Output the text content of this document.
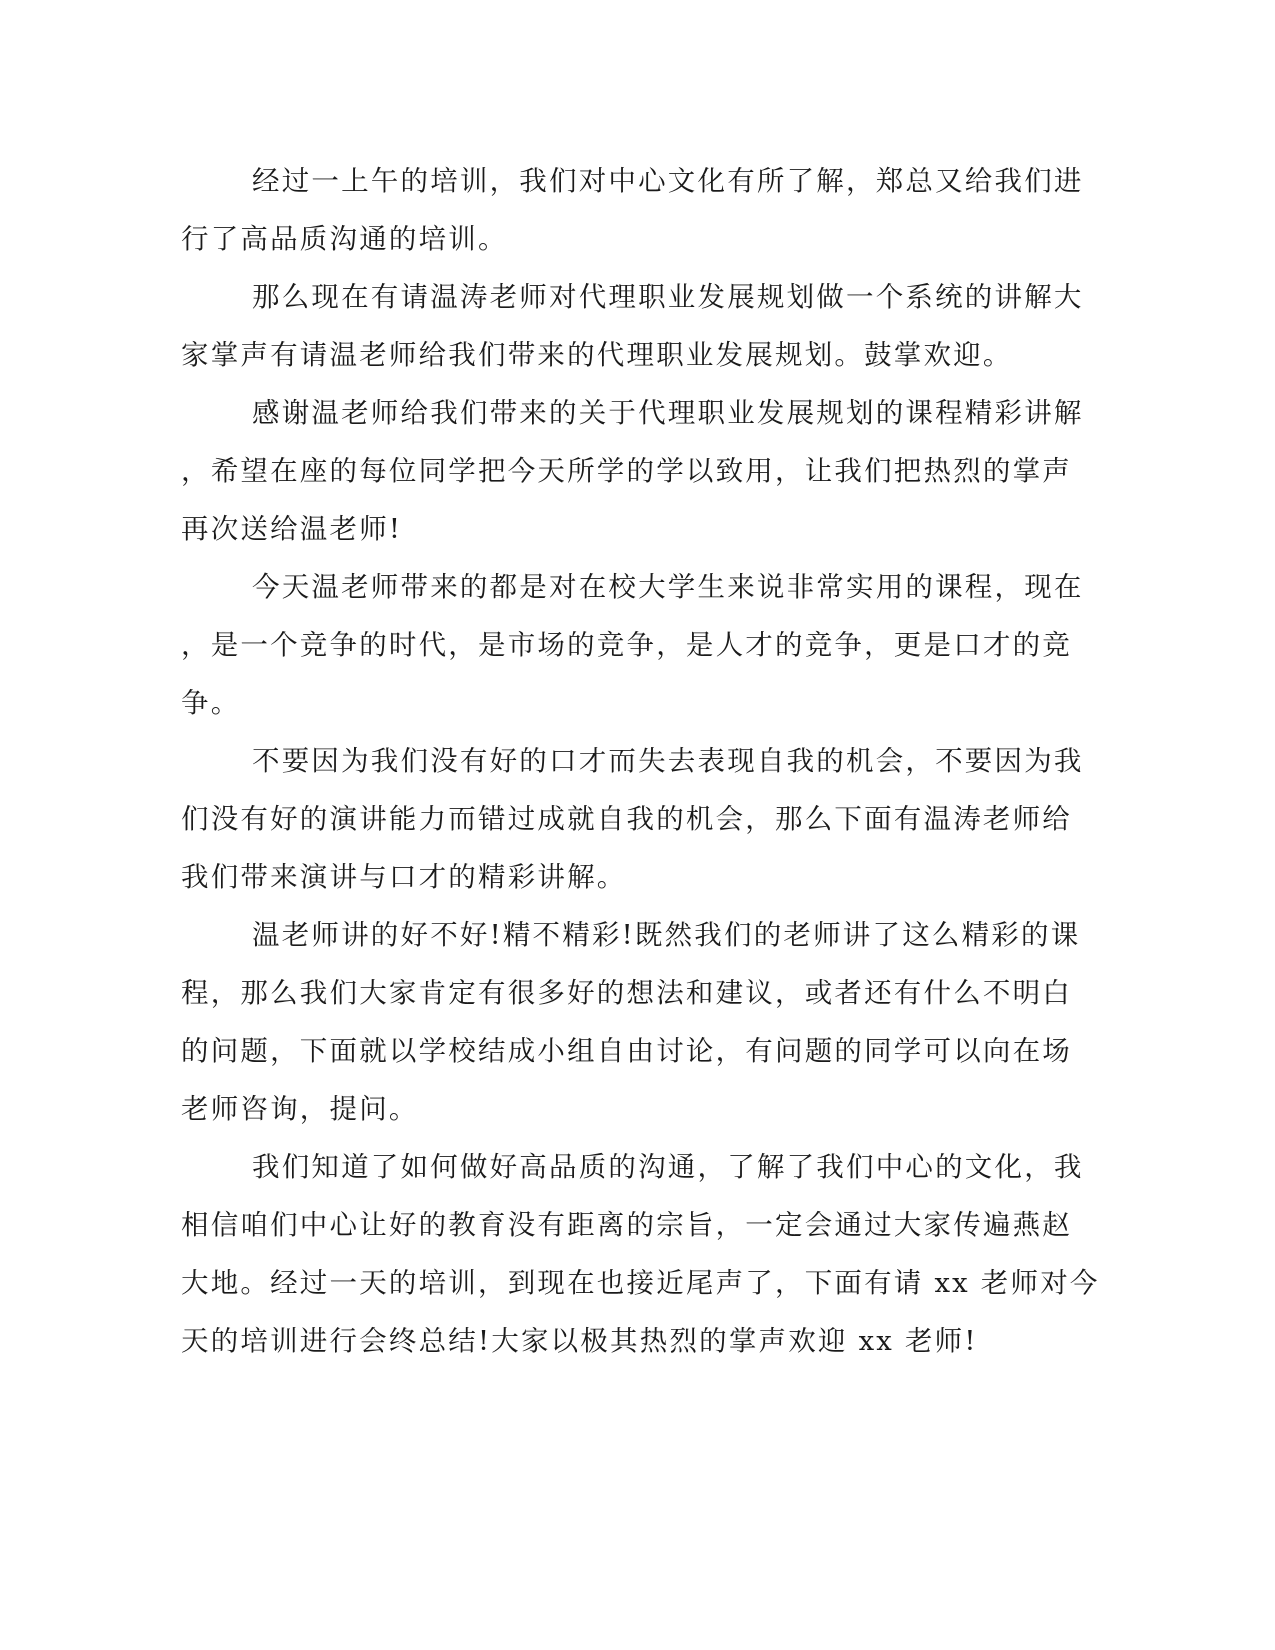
经过一上午的培训，我们对中心文化有所了解，郑总又给我们进
行了高品质沟通的培训。
那么现在有请温涛老师对代理职业发展规划做一个系统的讲解大
家掌声有请温老师给我们带来的代理职业发展规划。鼓掌欢迎。
感谢温老师给我们带来的关于代理职业发展规划的课程精彩讲解
，希望在座的每位同学把今天所学的学以致用，让我们把热烈的掌声
再次送给温老师!
今天温老师带来的都是对在校大学生来说非常实用的课程，现在
，是一个竞争的时代，是市场的竞争，是人才的竞争，更是口才的竞
争。
不要因为我们没有好的口才而失去表现自我的机会，不要因为我
们没有好的演讲能力而错过成就自我的机会，那么下面有温涛老师给
我们带来演讲与口才的精彩讲解。
温老师讲的好不好!精不精彩!既然我们的老师讲了这么精彩的课
程，那么我们大家肯定有很多好的想法和建议，或者还有什么不明白
的问题，下面就以学校结成小组自由讨论，有问题的同学可以向在场
老师咨询，提问。
我们知道了如何做好高品质的沟通，了解了我们中心的文化，我
相信咱们中心让好的教育没有距离的宗旨，一定会通过大家传遍燕赵
大地。经过一天的培训，到现在也接近尾声了，下面有请 xx 老师对今
天的培训进行会终总结!大家以极其热烈的掌声欢迎 xx 老师!
